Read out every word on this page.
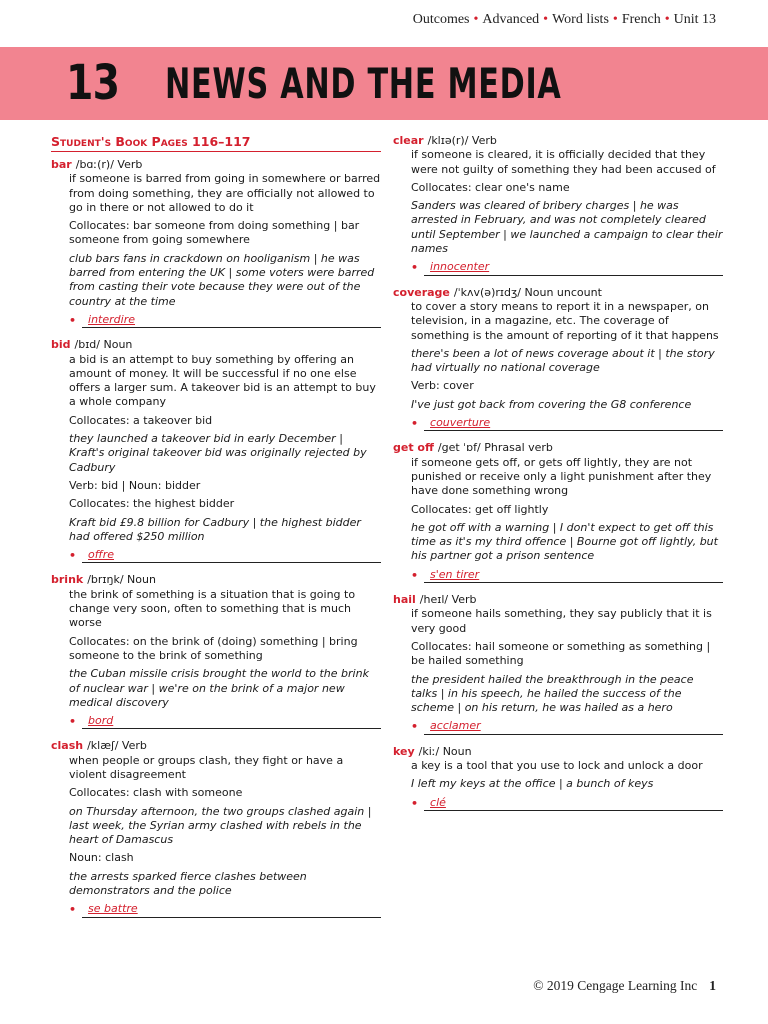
Outcomes • Advanced • Word lists • French • Unit 13
13 NEWS AND THE MEDIA
Student's Book Pages 116–117
bar /bɑː(r)/ Verb

if someone is barred from going in somewhere or barred from doing something, they are officially not allowed to go in there or not allowed to do it

Collocates: bar someone from doing something | bar someone from going somewhere

club bars fans in crackdown on hooliganism | he was barred from entering the UK | some voters were barred from casting their vote because they were out of the country at the time

•	interdire
bid /bɪd/ Noun

a bid is an attempt to buy something by offering an amount of money. It will be successful if no one else offers a larger sum. A takeover bid is an attempt to buy a whole company

Collocates: a takeover bid

they launched a takeover bid in early December | Kraft's original takeover bid was originally rejected by Cadbury

Verb: bid | Noun: bidder

Collocates: the highest bidder

Kraft bid £9.8 billion for Cadbury | the highest bidder had offered $250 million

•	offre
brink /brɪŋk/ Noun

the brink of something is a situation that is going to change very soon, often to something that is much worse

Collocates: on the brink of (doing) something | bring someone to the brink of something

the Cuban missile crisis brought the world to the brink of nuclear war | we're on the brink of a major new medical discovery

•	bord
clash /klæʃ/ Verb

when people or groups clash, they fight or have a violent disagreement

Collocates: clash with someone

on Thursday afternoon, the two groups clashed again | last week, the Syrian army clashed with rebels in the heart of Damascus

Noun: clash

the arrests sparked fierce clashes between demonstrators and the police

•	se battre
clear /klɪə(r)/ Verb

if someone is cleared, it is officially decided that they were not guilty of something they had been accused of

Collocates: clear one's name

Sanders was cleared of bribery charges | he was arrested in February, and was not completely cleared until September | we launched a campaign to clear their names

•	innocenter
coverage /ˈkʌv(ə)rɪdʒ/ Noun uncount

to cover a story means to report it in a newspaper, on television, in a magazine, etc. The coverage of something is the amount of reporting of it that happens

there's been a lot of news coverage about it | the story had virtually no national coverage

Verb: cover

I've just got back from covering the G8 conference

•	couverture
get off /get ˈɒf/ Phrasal verb

if someone gets off, or gets off lightly, they are not punished or receive only a light punishment after they have done something wrong

Collocates: get off lightly

he got off with a warning | I don't expect to get off this time as it's my third offence | Bourne got off lightly, but his partner got a prison sentence

•	s'en tirer
hail /heɪl/ Verb

if someone hails something, they say publicly that it is very good

Collocates: hail someone or something as something | be hailed something

the president hailed the breakthrough in the peace talks | in his speech, he hailed the success of the scheme | on his return, he was hailed as a hero

•	acclamer
key /kiː/ Noun

a key is a tool that you use to lock and unlock a door

I left my keys at the office | a bunch of keys

•	clé
© 2019 Cengage Learning Inc 1
